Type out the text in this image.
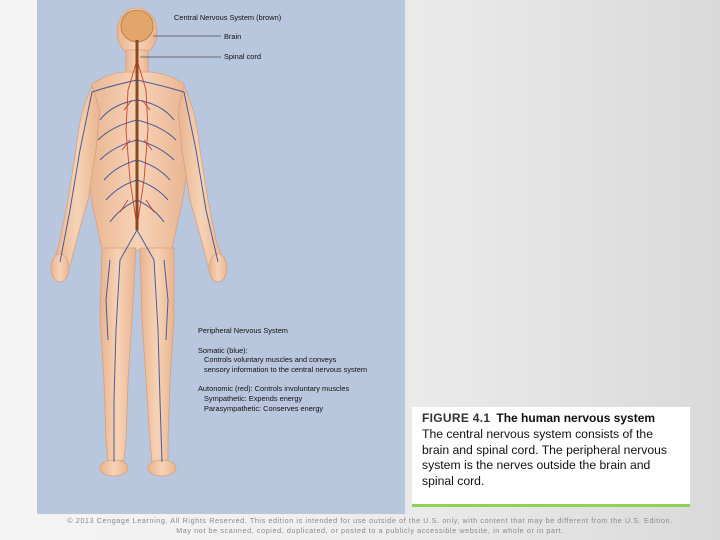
Central Nervous System (brown)
Brain
Spinal cord
Peripheral Nervous System
Somatic (blue):
Controls voluntary muscles and conveys
sensory information to the central nervous system
Autonomic (red): Controls involuntary muscles
Sympathetic: Expends energy
Parasympathetic: Conserves energy
FIGURE 4.1 The human nervous system
The central nervous system consists of the
brain and spinal cord. The peripheral nervous
system is the nerves outside the brain and
spinal cord.
© 2013 Cengage Learning. All Rights Reserved. This edition is intended for use outside of the U.S. only, with content that may be different from the U.S. Edition.
May not be scanned, copied, duplicated, or posted to a publicly accessible website, in whole or in part.
